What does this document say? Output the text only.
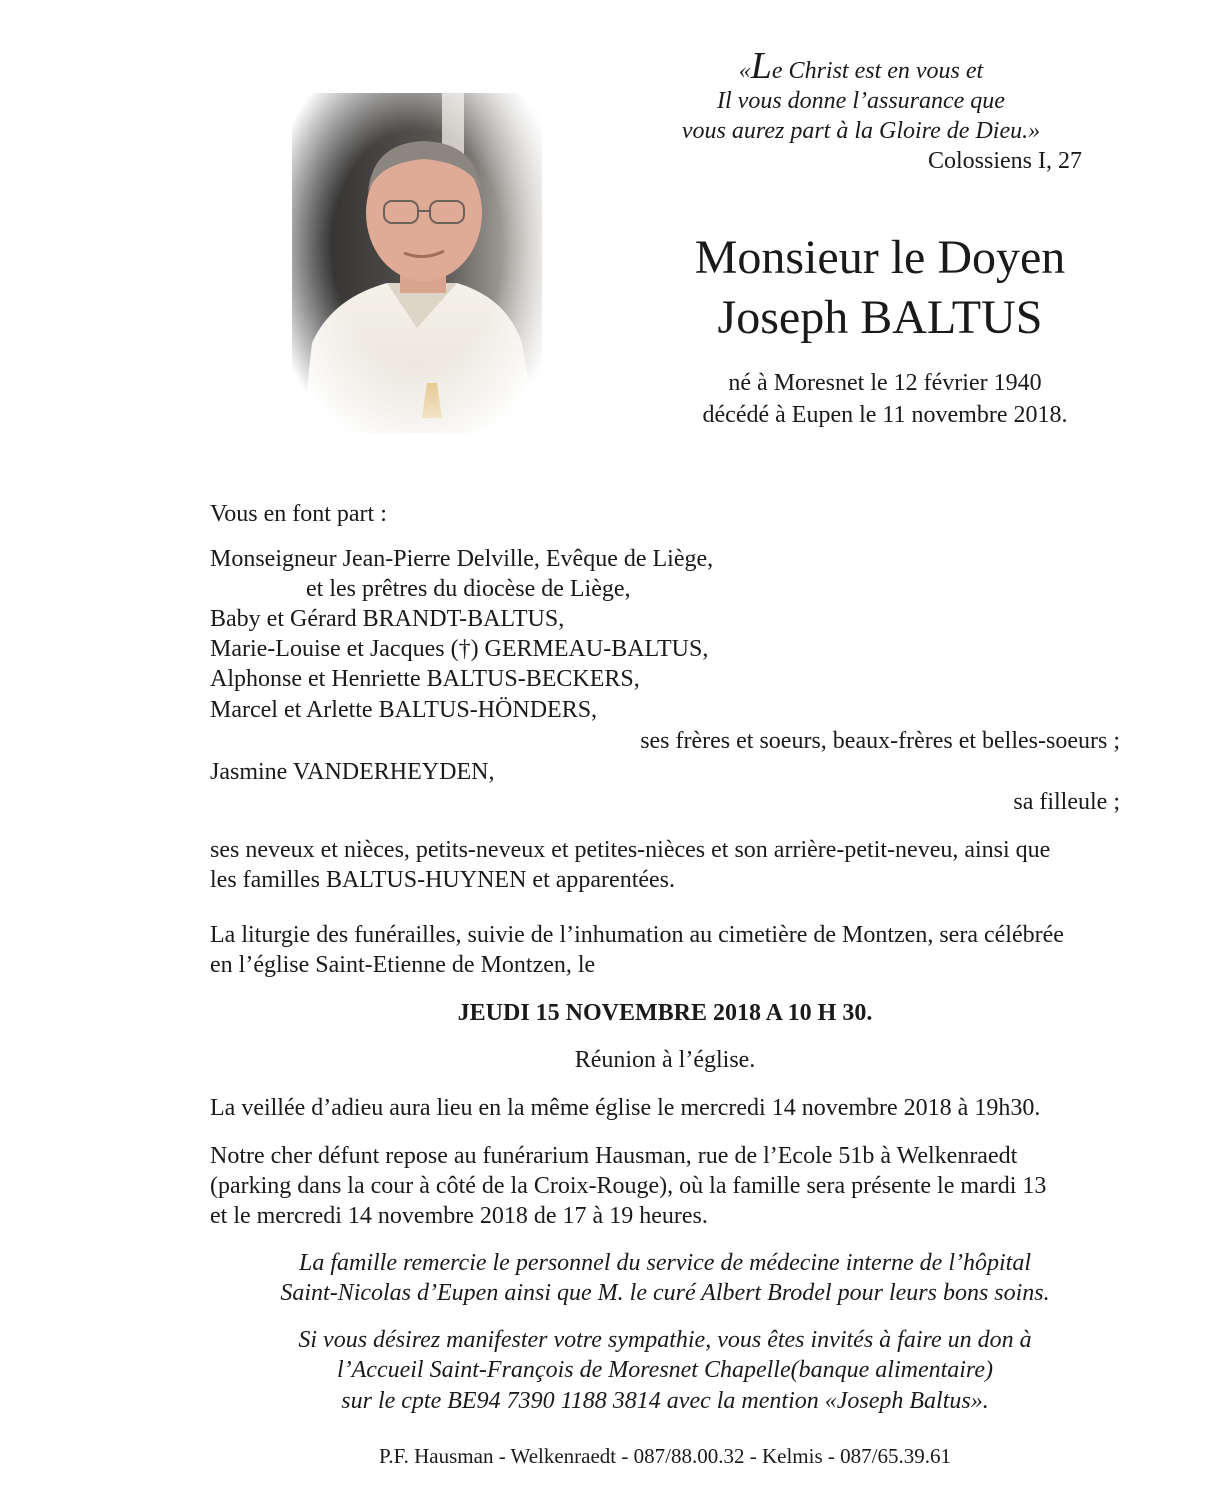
«Le Christ est en vous et
Il vous donne l’assurance que
vous aurez part à la Gloire de Dieu.»
Colossiens I, 27
Monsieur le Doyen
Joseph BALTUS
né à Moresnet le 12 février 1940
décédé à Eupen le 11 novembre 2018.
Vous en font part :
Monseigneur Jean-Pierre Delville, Evêque de Liège,
et les prêtres du diocèse de Liège,
Baby et Gérard BRANDT-BALTUS,
Marie-Louise et Jacques (†) GERMEAU-BALTUS,
Alphonse et Henriette BALTUS-BECKERS,
Marcel et Arlette BALTUS-HÖNDERS,
ses frères et soeurs, beaux-frères et belles-soeurs ;
Jasmine VANDERHEYDEN,
sa filleule ;
ses neveux et nièces, petits-neveux et petites-nièces et son arrière-petit-neveu, ainsi que
les familles BALTUS-HUYNEN et apparentées.
La liturgie des funérailles, suivie de l’inhumation au cimetière de Montzen, sera célébrée
en l’église Saint-Etienne de Montzen, le
JEUDI 15 NOVEMBRE 2018 A 10 H 30.
Réunion à l’église.
La veillée d’adieu aura lieu en la même église le mercredi 14 novembre 2018 à 19h30.
Notre cher défunt repose au funérarium Hausman, rue de l’Ecole 51b à Welkenraedt
(parking dans la cour à côté de la Croix-Rouge), où la famille sera présente le mardi 13
et le mercredi 14 novembre 2018 de 17 à 19 heures.
La famille remercie le personnel du service de médecine interne de l’hôpital
Saint-Nicolas d’Eupen ainsi que M. le curé Albert Brodel pour leurs bons soins.
Si vous désirez manifester votre sympathie, vous êtes invités à faire un don à
l’Accueil Saint-François de Moresnet Chapelle(banque alimentaire)
sur le cpte BE94 7390 1188 3814 avec la mention «Joseph Baltus».
P.F. Hausman - Welkenraedt - 087/88.00.32 - Kelmis - 087/65.39.61
